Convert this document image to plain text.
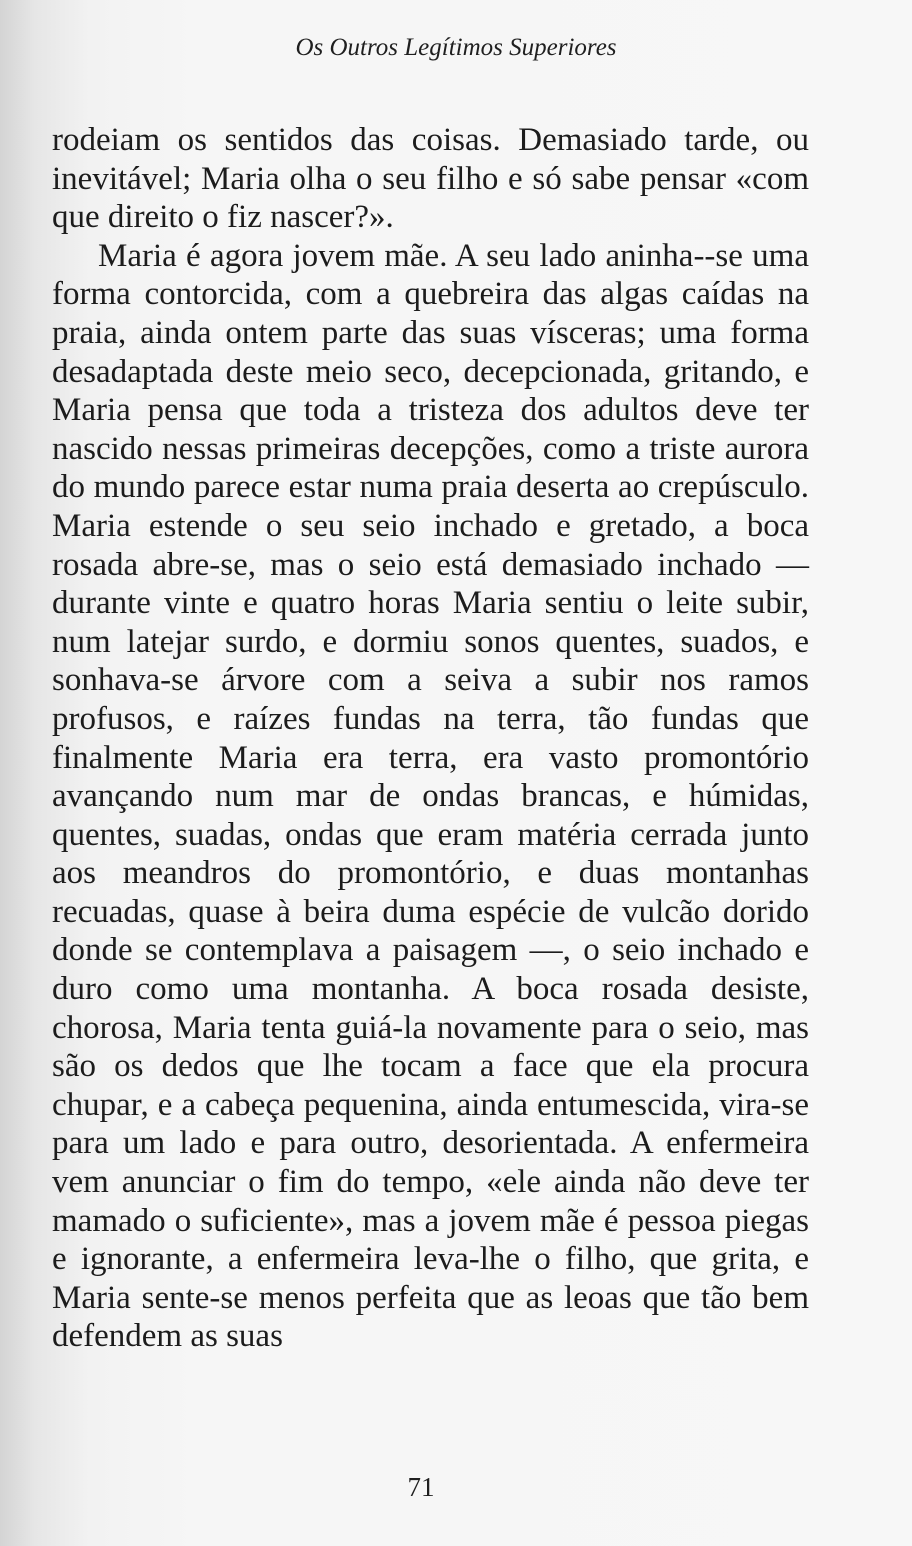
Os Outros Legítimos Superiores

rodeiam os sentidos das coisas. Demasiado tarde, ou inevitável; Maria olha o seu filho e só sabe pensar «com que direito o fiz nascer?».

Maria é agora jovem mãe. A seu lado aninha--se uma forma contorcida, com a quebreira das algas caídas na praia, ainda ontem parte das suas vísceras; uma forma desadaptada deste meio seco, decepcionada, gritando, e Maria pensa que toda a tristeza dos adultos deve ter nascido nessas primeiras decepções, como a triste aurora do mundo parece estar numa praia deserta ao crepúsculo. Maria estende o seu seio inchado e gretado, a boca rosada abre-se, mas o seio está demasiado inchado — durante vinte e quatro horas Maria sentiu o leite subir, num latejar surdo, e dormiu sonos quentes, suados, e sonhava-se árvore com a seiva a subir nos ramos profusos, e raízes fundas na terra, tão fundas que finalmente Maria era terra, era vasto promontório avançando num mar de ondas brancas, e húmidas, quentes, suadas, ondas que eram matéria cerrada junto aos meandros do promontório, e duas montanhas recuadas, quase à beira duma espécie de vulcão dorido donde se contemplava a paisagem —, o seio inchado e duro como uma montanha. A boca rosada desiste, chorosa, Maria tenta guiá-la novamente para o seio, mas são os dedos que lhe tocam a face que ela procura chupar, e a cabeça pequenina, ainda entumescida, vira-se para um lado e para outro, desorientada. A enfermeira vem anunciar o fim do tempo, «ele ainda não deve ter mamado o suficiente», mas a jovem mãe é pessoa piegas e ignorante, a enfermeira leva-lhe o filho, que grita, e Maria sente-se menos perfeita que as leoas que tão bem defendem as suas

71
